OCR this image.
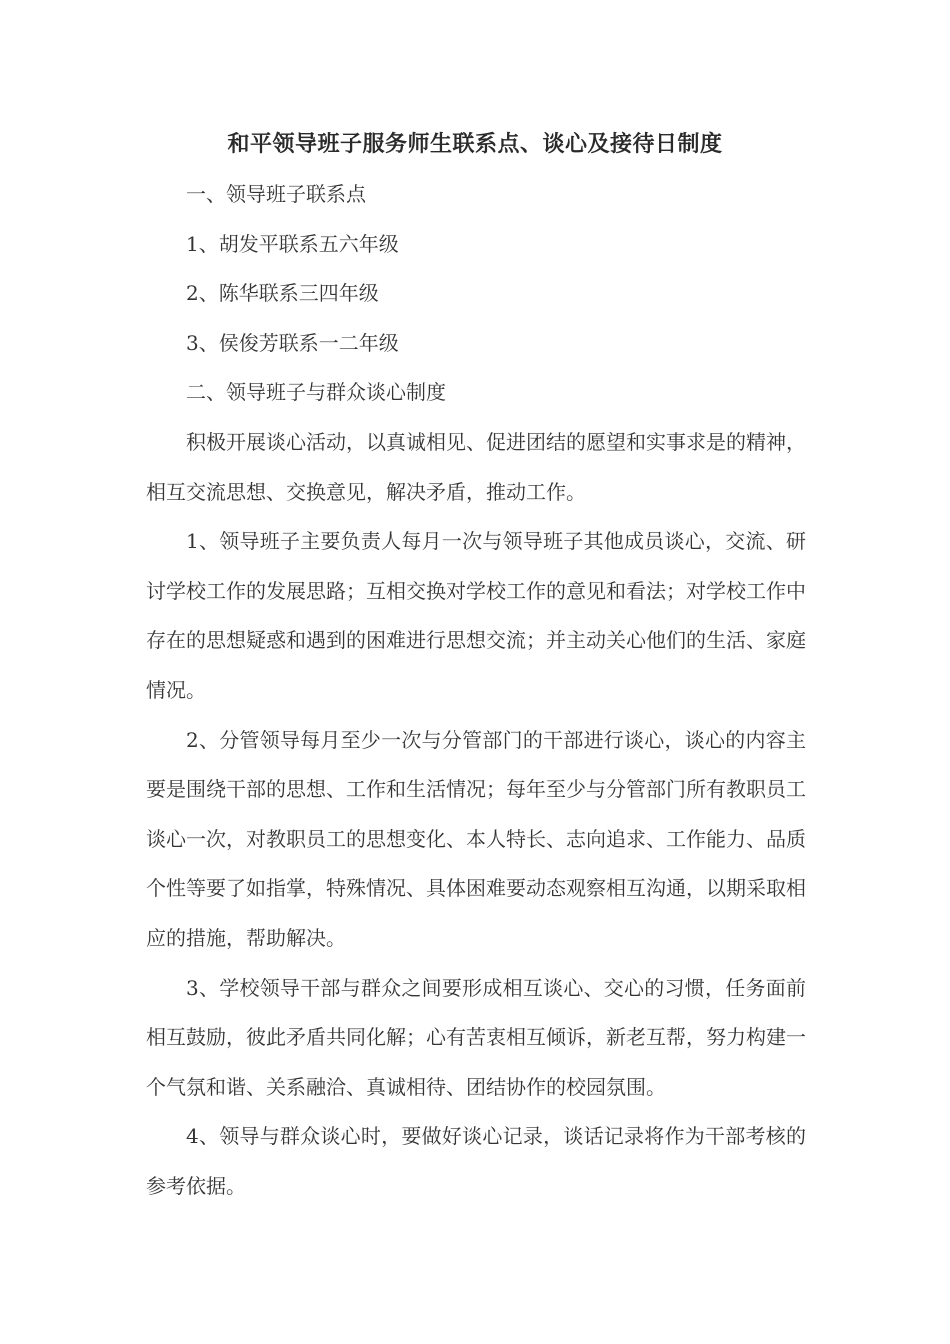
和平领导班子服务师生联系点、谈心及接待日制度

一、领导班子联系点

1、胡发平联系五六年级

2、陈华联系三四年级

3、侯俊芳联系一二年级

二、领导班子与群众谈心制度

积极开展谈心活动，以真诚相见、促进团结的愿望和实事求是的精神，相互交流思想、交换意见，解决矛盾，推动工作。

1、领导班子主要负责人每月一次与领导班子其他成员谈心，交流、研讨学校工作的发展思路；互相交换对学校工作的意见和看法；对学校工作中存在的思想疑惑和遇到的困难进行思想交流；并主动关心他们的生活、家庭情况。

2、分管领导每月至少一次与分管部门的干部进行谈心，谈心的内容主要是围绕干部的思想、工作和生活情况；每年至少与分管部门所有教职员工谈心一次，对教职员工的思想变化、本人特长、志向追求、工作能力、品质个性等要了如指掌，特殊情况、具体困难要动态观察相互沟通，以期采取相应的措施，帮助解决。

3、学校领导干部与群众之间要形成相互谈心、交心的习惯，任务面前相互鼓励，彼此矛盾共同化解；心有苦衷相互倾诉，新老互帮，努力构建一个气氛和谐、关系融洽、真诚相待、团结协作的校园氛围。

4、领导与群众谈心时，要做好谈心记录，谈话记录将作为干部考核的参考依据。
